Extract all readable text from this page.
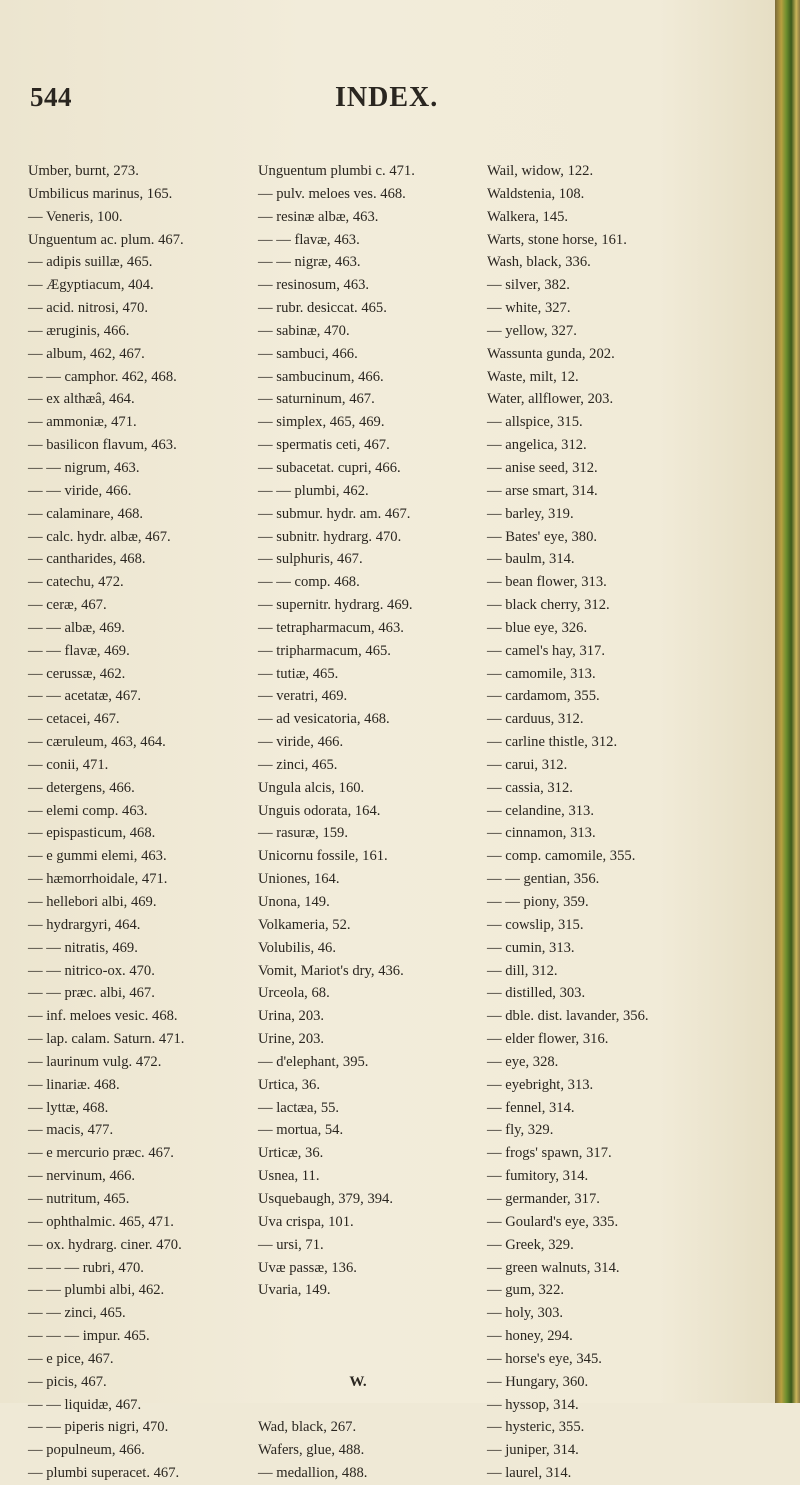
544	INDEX.
Umber, burnt, 273.
Umbilicus marinus, 165.
— Veneris, 100.
Unguentum ac. plum. 467.
— adipis suillæ, 465.
— Ægyptiacum, 404.
— acid. nitrosi, 470.
— æruginis, 466.
— album, 462, 467.
— — camphor. 462, 468.
— ex althæâ, 464.
— ammoniæ, 471.
— basilicon flavum, 463.
— — nigrum, 463.
— — viride, 466.
— calaminare, 468.
— calc. hydr. albæ, 467.
— cantharides, 468.
— catechu, 472.
— ceræ, 467.
— — albæ, 469.
— — flavæ, 469.
— cerussæ, 462.
— — acetatæ, 467.
— cetacei, 467.
— cæruleum, 463, 464.
— conii, 471.
— detergens, 466.
— elemi comp. 463.
— epispasticum, 468.
— e gummi elemi, 463.
— hæmorrhoidale, 471.
— hellebori albi, 469.
— hydrargyri, 464.
— — nitratis, 469.
— — nitrico-ox. 470.
— — præc. albi, 467.
— inf. meloes vesic. 468.
— lap. calam. Saturn. 471.
— laurinum vulg. 472.
— linariæ. 468.
— lyttæ, 468.
— macis, 477.
— e mercurio præc. 467.
— nervinum, 466.
— nutritum, 465.
— ophthalmic. 465, 471.
— ox. hydrarg. ciner. 470.
— — — rubri, 470.
— — plumbi albi, 462.
— — zinci, 465.
— — — impur. 465.
— e pice, 467.
— picis, 467.
— — liquidæ, 467.
— — piperis nigri, 470.
— populneum, 466.
— plumbi superacet. 467.
Unguentum plumbi c. 471.
— pulv. meloes ves. 468.
— resinæ albæ, 463.
— — flavæ, 463.
— — nigræ, 463.
— resinosum, 463.
— rubr. desiccat. 465.
— sabinæ, 470.
— sambuci, 466.
— sambucinum, 466.
— saturninum, 467.
— simplex, 465, 469.
— spermatis ceti, 467.
— subacetat. cupri, 466.
— — plumbi, 462.
— submur. hydr. am. 467.
— subnitr. hydrarg. 470.
— sulphuris, 467.
— — comp. 468.
— supernitr. hydrarg. 469.
— tetrapharmacum, 463.
— tripharmacum, 465.
— tutiæ, 465.
— veratri, 469.
— ad vesicatoria, 468.
— viride, 466.
— zinci, 465.
Ungula alcis, 160.
Unguis odorata, 164.
— rasuræ, 159.
Unicornu fossile, 161.
Uniones, 164.
Unona, 149.
Volkameria, 52.
Volubilis, 46.
Vomit, Mariot's dry, 436.
Urceola, 68.
Urina, 203.
Urine, 203.
— d'elephant, 395.
Urtica, 36.
— lactæa, 55.
— mortua, 54.
Urticæ, 36.
Usnea, 11.
Usquebaugh, 379, 394.
Uva crispa, 101.
— ursi, 71.
Uvæ passæ, 136.
Uvaria, 149.
W.
Wad, black, 267.
Wafers, glue, 488.
— medallion, 488.
Wail, widow, 122.
Waldstenia, 108.
Walkera, 145.
Warts, stone horse, 161.
Wash, black, 336.
— silver, 382.
— white, 327.
— yellow, 327.
Wassunta gunda, 202.
Waste, milt, 12.
Water, allflower, 203.
— allspice, 315.
— angelica, 312.
— anise seed, 312.
— arse smart, 314.
— barley, 319.
— Bates' eye, 380.
— baulm, 314.
— bean flower, 313.
— black cherry, 312.
— blue eye, 326.
— camel's hay, 317.
— camomile, 313.
— cardamom, 355.
— carduus, 312.
— carline thistle, 312.
— carui, 312.
— cassia, 312.
— celandine, 313.
— cinnamon, 313.
— comp. camomile, 355.
— — gentian, 356.
— — piony, 359.
— cowslip, 315.
— cumin, 313.
— dill, 312.
— distilled, 303.
— dble. dist. lavander, 356.
— elder flower, 316.
— eye, 328.
— eyebright, 313.
— fennel, 314.
— fly, 329.
— frogs' spawn, 317.
— fumitory, 314.
— germander, 317.
— Goulard's eye, 335.
— Greek, 329.
— green walnuts, 314.
— gum, 322.
— holy, 303.
— honey, 294.
— horse's eye, 345.
— Hungary, 360.
— hyssop, 314.
— hysteric, 355.
— juniper, 314.
— laurel, 314.
